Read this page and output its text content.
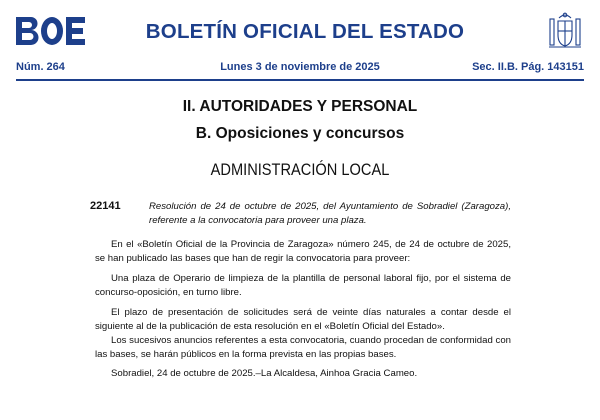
BOLETÍN OFICIAL DEL ESTADO
Núm. 264	Lunes 3 de noviembre de 2025	Sec. II.B. Pág. 143151
II. AUTORIDADES Y PERSONAL
B. Oposiciones y concursos
ADMINISTRACIÓN LOCAL
22141	Resolución de 24 de octubre de 2025, del Ayuntamiento de Sobradiel (Zaragoza), referente a la convocatoria para proveer una plaza.

En el «Boletín Oficial de la Provincia de Zaragoza» número 245, de 24 de octubre de 2025, se han publicado las bases que han de regir la convocatoria para proveer:

Una plaza de Operario de limpieza de la plantilla de personal laboral fijo, por el sistema de concurso-oposición, en turno libre.

El plazo de presentación de solicitudes será de veinte días naturales a contar desde el siguiente al de la publicación de esta resolución en el «Boletín Oficial del Estado».

Los sucesivos anuncios referentes a esta convocatoria, cuando procedan de conformidad con las bases, se harán públicos en la forma prevista en las propias bases.

Sobradiel, 24 de octubre de 2025.–La Alcaldesa, Ainhoa Gracia Cameo.
